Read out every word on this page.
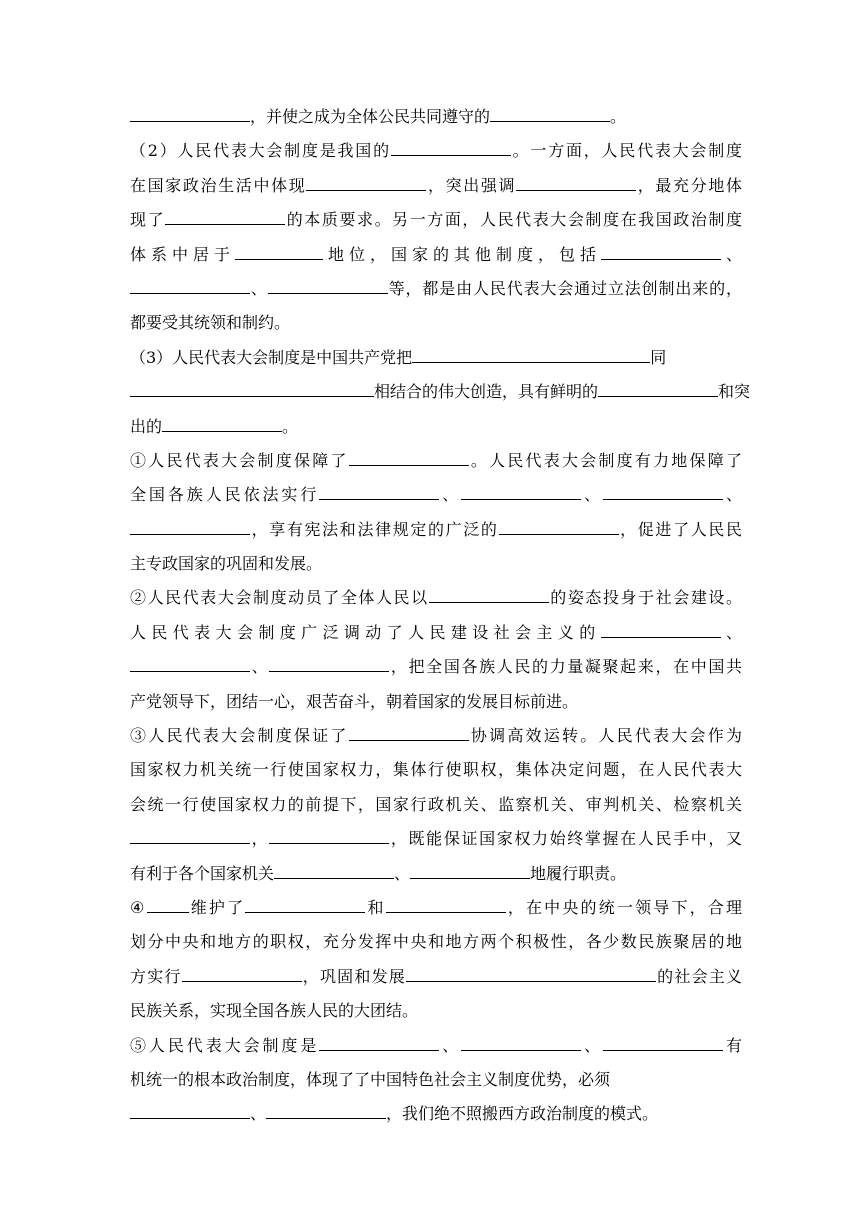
，并使之成为全体公民共同遵守的	。
（2）人民代表大会制度是我国的	。一方面，人民代表大会制度
在国家政治生活中体现	，突出强调	，最充分地体
现了	的本质要求。另一方面，人民代表大会制度在我国政治制度
体系中居于	地位，国家的其他制度，包括	、
、	等，都是由人民代表大会通过立法创制出来的，
都要受其统领和制约。
（3）人民代表大会制度是中国共产党把	同
相结合的伟大创造，具有鲜明的	和突
出的	。
①人民代表大会制度保障了	。人民代表大会制度有力地保障了
全国各族人民依法实行	、	、	、
，享有宪法和法律规定的广泛的	，促进了人民民
主专政国家的巩固和发展。
②人民代表大会制度动员了全体人民以	的姿态投身于社会建设。
人民代表大会制度广泛调动了人民建设社会主义的	、
、	，把全国各族人民的力量凝聚起来，在中国共
产党领导下，团结一心，艰苦奋斗，朝着国家的发展目标前进。
③人民代表大会制度保证了	协调高效运转。人民代表大会作为
国家权力机关统一行使国家权力，集体行使职权，集体决定问题，在人民代表大
会统一行使国家权力的前提下，国家行政机关、监察机关、审判机关、检察机关
，	，既能保证国家权力始终掌握在人民手中，又
有利于各个国家机关	、	地履行职责。
④	维护了	和	，在中央的统一领导下，合理
划分中央和地方的职权，充分发挥中央和地方两个积极性，各少数民族聚居的地
方实行	，巩固和发展	的社会主义
民族关系，实现全国各族人民的大团结。
⑤人民代表大会制度是	、	、	有
机统一的根本政治制度，体现了了中国特色社会主义制度优势，必须
、	，我们绝不照搬西方政治制度的模式。
